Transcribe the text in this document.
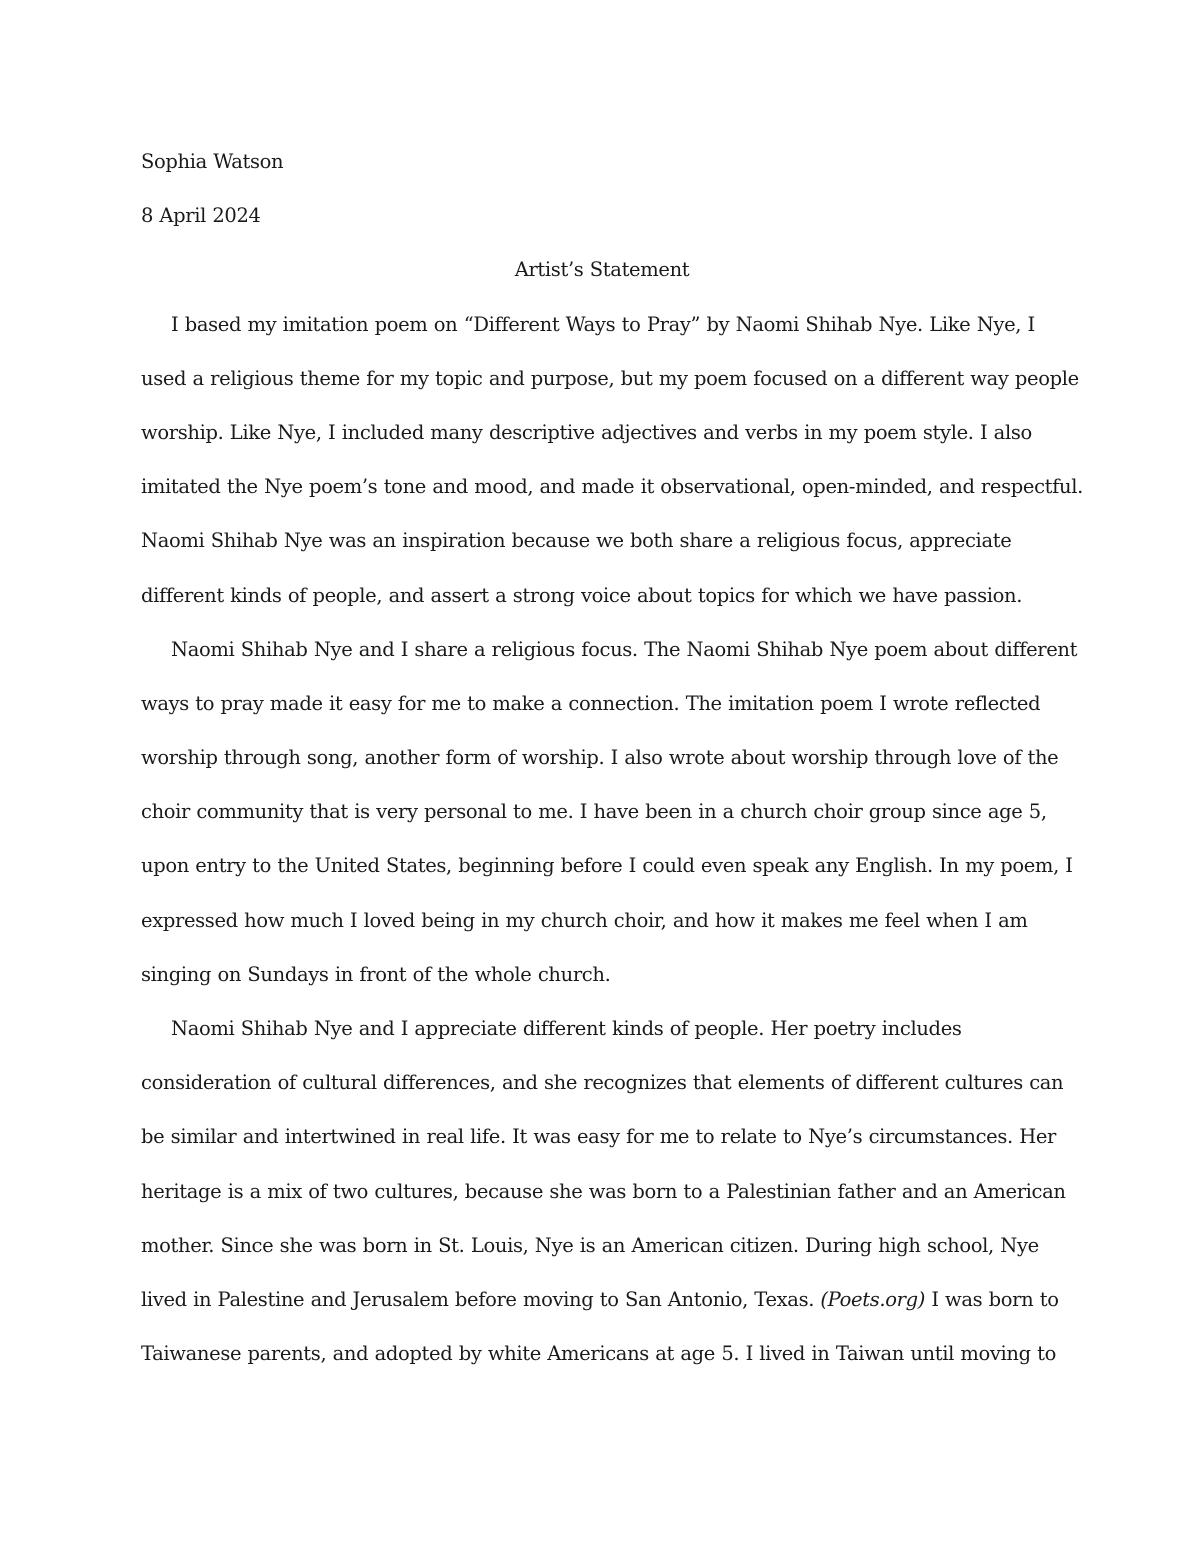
Sophia Watson
8 April 2024
Artist’s Statement
I based my imitation poem on “Different Ways to Pray” by Naomi Shihab Nye. Like Nye, I
used a religious theme for my topic and purpose, but my poem focused on a different way people
worship. Like Nye, I included many descriptive adjectives and verbs in my poem style. I also
imitated the Nye poem’s tone and mood, and made it observational, open-minded, and respectful.
Naomi Shihab Nye was an inspiration because we both share a religious focus, appreciate
different kinds of people, and assert a strong voice about topics for which we have passion.
Naomi Shihab Nye and I share a religious focus. The Naomi Shihab Nye poem about different
ways to pray made it easy for me to make a connection. The imitation poem I wrote reflected
worship through song, another form of worship. I also wrote about worship through love of the
choir community that is very personal to me. I have been in a church choir group since age 5,
upon entry to the United States, beginning before I could even speak any English. In my poem, I
expressed how much I loved being in my church choir, and how it makes me feel when I am
singing on Sundays in front of the whole church.
Naomi Shihab Nye and I appreciate different kinds of people. Her poetry includes
consideration of cultural differences, and she recognizes that elements of different cultures can
be similar and intertwined in real life. It was easy for me to relate to Nye’s circumstances. Her
heritage is a mix of two cultures, because she was born to a Palestinian father and an American
mother. Since she was born in St. Louis, Nye is an American citizen. During high school, Nye
lived in Palestine and Jerusalem before moving to San Antonio, Texas. (Poets.org) I was born to
Taiwanese parents, and adopted by white Americans at age 5. I lived in Taiwan until moving to
